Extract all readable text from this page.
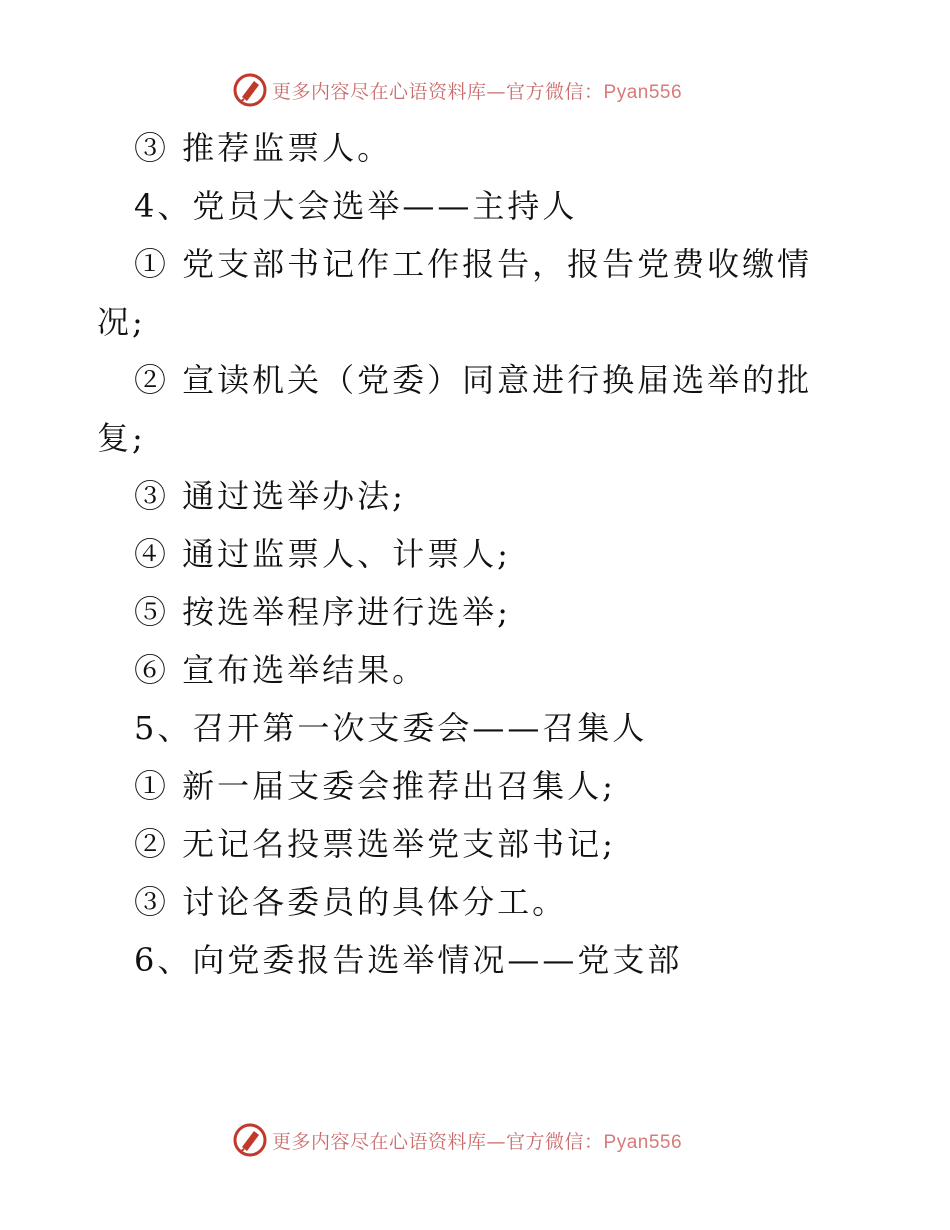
更多内容尽在心语资料库—官方微信：Pyan556
③ 推荐监票人。
4、党员大会选举——主持人
① 党支部书记作工作报告，报告党费收缴情
况;
② 宣读机关（党委）同意进行换届选举的批
复;
③ 通过选举办法;
④ 通过监票人、计票人;
⑤ 按选举程序进行选举;
⑥ 宣布选举结果。
5、召开第一次支委会——召集人
① 新一届支委会推荐出召集人;
② 无记名投票选举党支部书记;
③ 讨论各委员的具体分工。
6、向党委报告选举情况——党支部
更多内容尽在心语资料库—官方微信：Pyan556
